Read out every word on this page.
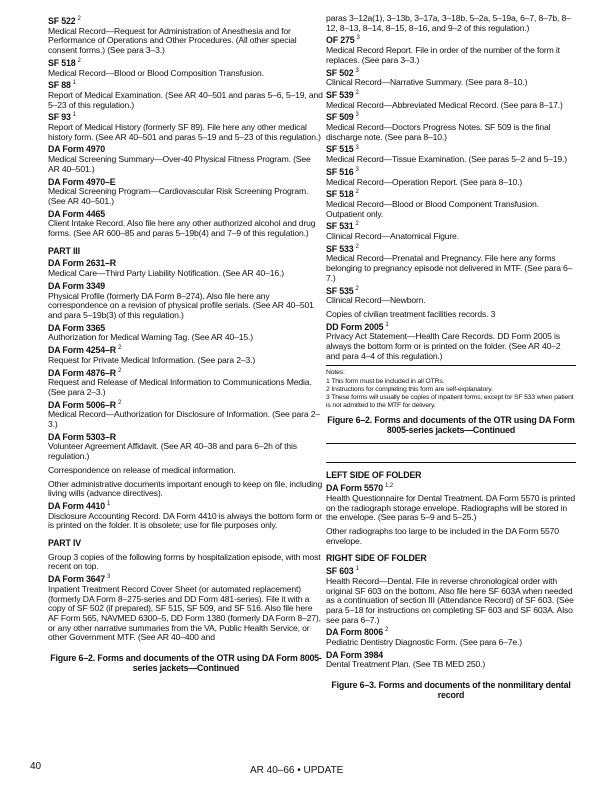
SF 522 $^2$
Medical Record—Request for Administration of Anesthesia and for Performance of Operations and Other Procedures. (All other special consent forms.) (See para 3–3.)
SF 518 $^2$
Medical Record—Blood or Blood Composition Transfusion.
SF 88 $^1$
Report of Medical Examination. (See AR 40–501 and paras 5–6, 5–19, and 5–23 of this regulation.)
SF 93 $^1$
Report of Medical History (formerly SF 89). File here any other medical history form. (See AR 40–501 and paras 5–19 and 5–23 of this regulation.)
DA Form 4970
Medical Screening Summary—Over-40 Physical Fitness Program. (See AR 40–501.)
DA Form 4970–E
Medical Screening Program—Cardiovascular Risk Screening Program. (See AR 40–501.)
DA Form 4465
Client Intake Record. Also file here any other authorized alcohol and drug forms. (See AR 600–85 and paras 5–19b(4) and 7–9 of this regulation.)
PART III
DA Form 2631–R
Medical Care—Third Party Liability Notification. (See AR 40–16.)
DA Form 3349
Physical Profile (formerly DA Form 8–274). Also file here any correspondence on a revision of physical profile serials. (See AR 40–501 and para 5–19b(3) of this regulation.)
DA Form 3365
Authorization for Medical Warning Tag. (See AR 40–15.)
DA Form 4254–R $^2$
Request for Private Medical Information. (See para 2–3.)
DA Form 4876–R $^2$
Request and Release of Medical Information to Communications Media. (See para 2–3.)
DA Form 5006–R $^2$
Medical Record—Authorization for Disclosure of Information. (See para 2–3.)
DA Form 5303–R
Volunteer Agreement Affidavit. (See AR 40–38 and para 6–2h of this regulation.)
Correspondence on release of medical information.
Other administrative documents important enough to keep on file, including living wills (advance directives).
DA Form 4410 $^1$
Disclosure Accounting Record. DA Form 4410 is always the bottom form or is printed on the folder. It is obsolete; use for file purposes only.
PART IV
Group 3 copies of the following forms by hospitalization episode, with most recent on top.
DA Form 3647 $^3$
Inpatient Treatment Record Cover Sheet (or automated replacement) (formerly DA Form 8–275-series and DD Form 481-series). File it with a copy of SF 502 (if prepared), SF 515, SF 509, and SF 516. Also file here AF Form 565, NAVMED 6300–5, DD Form 1380 (formerly DA Form 8–27), or any other narrative summaries from the VA, Public Health Service, or other Government MTF. (See AR 40–400 and
Figure 6–2. Forms and documents of the OTR using DA Form 8005-series jackets—Continued
paras 3–12a(1), 3–13b, 3–17a, 3–18b, 5–2a, 5–19a, 6–7, 8–7b, 8–12, 8–13, 8–14, 8–15, 8–16, and 9–2 of this regulation.)
OF 275 $^3$
Medical Record Report. File in order of the number of the form it replaces. (See para 3–3.)
SF 502 $^3$
Clinical Record—Narrative Summary. (See para 8–10.)
SF 539 $^2$
Medical Record—Abbreviated Medical Record. (See para 8–17.)
SF 509 $^3$
Medical Record—Doctors Progress Notes. SF 509 is the final discharge note. (See para 8–10.)
SF 515 $^3$
Medical Record—Tissue Examination. (See paras 5–2 and 5–19.)
SF 516 $^3$
Medical Record—Operation Report. (See para 8–10.)
SF 518 $^2$
Medical Record—Blood or Blood Component Transfusion. Outpatient only.
SF 531 $^2$
Clinical Record—Anatomical Figure.
SF 533 $^2$
Medical Record—Prenatal and Pregnancy. File here any forms belonging to pregnancy episode not delivered in MTF. (See para 6–7.)
SF 535 $^2$
Clinical Record—Newborn.
Copies of civilian treatment facilities records. 3
DD Form 2005 $^1$
Privacy Act Statement—Health Care Records. DD Form 2005 is always the bottom form or is printed on the folder. (See AR 40–2 and para 4–4 of this regulation.)
Notes:
1 This form must be included in all OTRs.
2 Instructions for completing this form are self-explanatory.
3 These forms will usually be copies of inpatient forms, except for SF 533 when patient is not admitted to the MTF for delivery.
Figure 6–2. Forms and documents of the OTR using DA Form 8005-series jackets—Continued
LEFT SIDE OF FOLDER
DA Form 5570 $^{1,2}$
Health Questionnaire for Dental Treatment. DA Form 5570 is printed on the radiograph storage envelope. Radiographs will be stored in the envelope. (See paras 5–9 and 5–25.)
Other radiographs too large to be included in the DA Form 5570 envelope.
RIGHT SIDE OF FOLDER
SF 603 $^1$
Health Record—Dental. File in reverse chronological order with original SF 603 on the bottom. Also file here SF 603A when needed as a continuation of section III (Attendance Record) of SF 603. (See para 5–18 for instructions on completing SF 603 and SF 603A. Also see para 6–7.)
DA Form 8006 $^2$
Pediatric Dentistry Diagnostic Form. (See para 6–7e.)
DA Form 3984
Dental Treatment Plan. (See TB MED 250.)
Figure 6–3. Forms and documents of the nonmilitary dental record
40	AR 40–66 • UPDATE
